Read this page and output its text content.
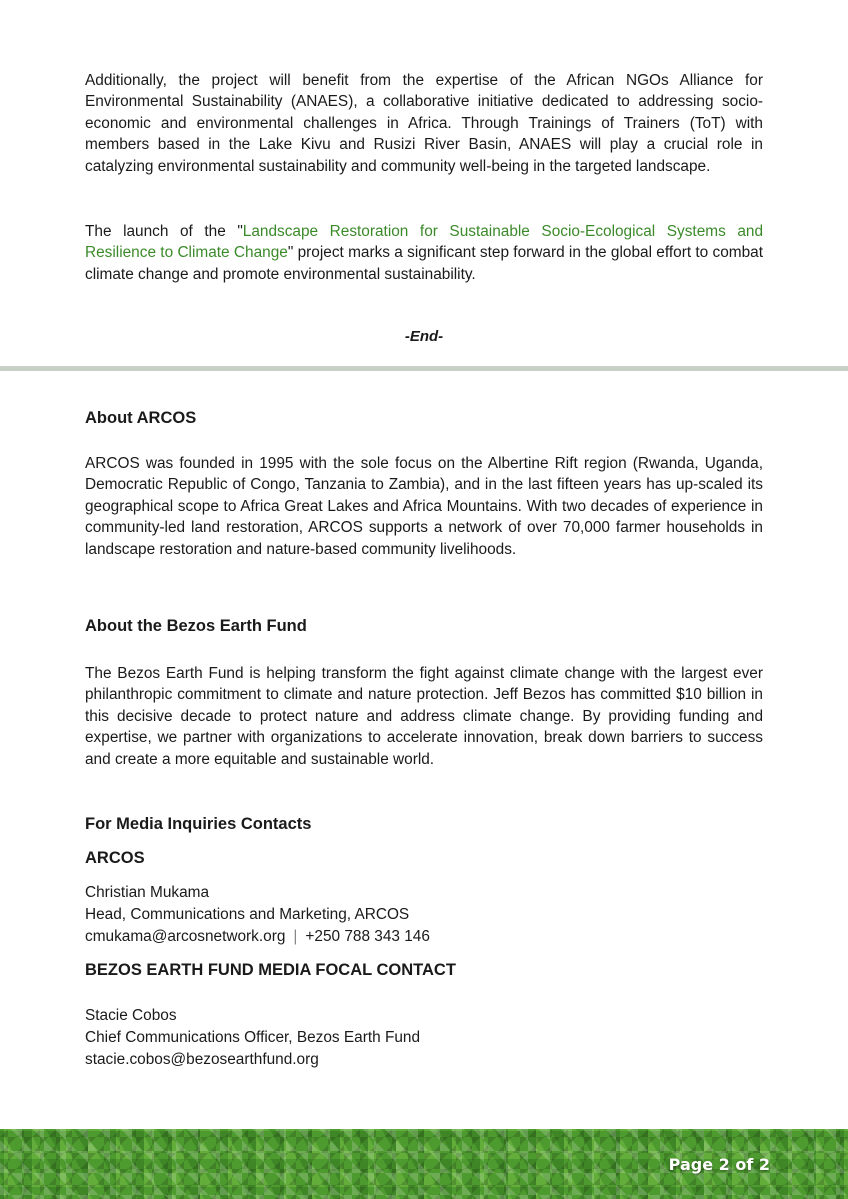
Additionally, the project will benefit from the expertise of the African NGOs Alliance for Environmental Sustainability (ANAES), a collaborative initiative dedicated to addressing socio-economic and environmental challenges in Africa. Through Trainings of Trainers (ToT) with members based in the Lake Kivu and Rusizi River Basin, ANAES will play a crucial role in catalyzing environmental sustainability and community well-being in the targeted landscape.

The launch of the "Landscape Restoration for Sustainable Socio-Ecological Systems and Resilience to Climate Change" project marks a significant step forward in the global effort to combat climate change and promote environmental sustainability.

-End-
About ARCOS

ARCOS was founded in 1995 with the sole focus on the Albertine Rift region (Rwanda, Uganda, Democratic Republic of Congo, Tanzania to Zambia), and in the last fifteen years has up-scaled its geographical scope to Africa Great Lakes and Africa Mountains. With two decades of experience in community-led land restoration, ARCOS supports a network of over 70,000 farmer households in landscape restoration and nature-based community livelihoods.

About the Bezos Earth Fund

The Bezos Earth Fund is helping transform the fight against climate change with the largest ever philanthropic commitment to climate and nature protection. Jeff Bezos has committed $10 billion in this decisive decade to protect nature and address climate change. By providing funding and expertise, we partner with organizations to accelerate innovation, break down barriers to success and create a more equitable and sustainable world.

For Media Inquiries Contacts
ARCOS
Christian Mukama
Head, Communications and Marketing, ARCOS
cmukama@arcosnetwork.org | +250 788 343 146
BEZOS EARTH FUND MEDIA FOCAL CONTACT
Stacie Cobos
Chief Communications Officer, Bezos Earth Fund
stacie.cobos@bezosearthfund.org
Page 2 of 2
